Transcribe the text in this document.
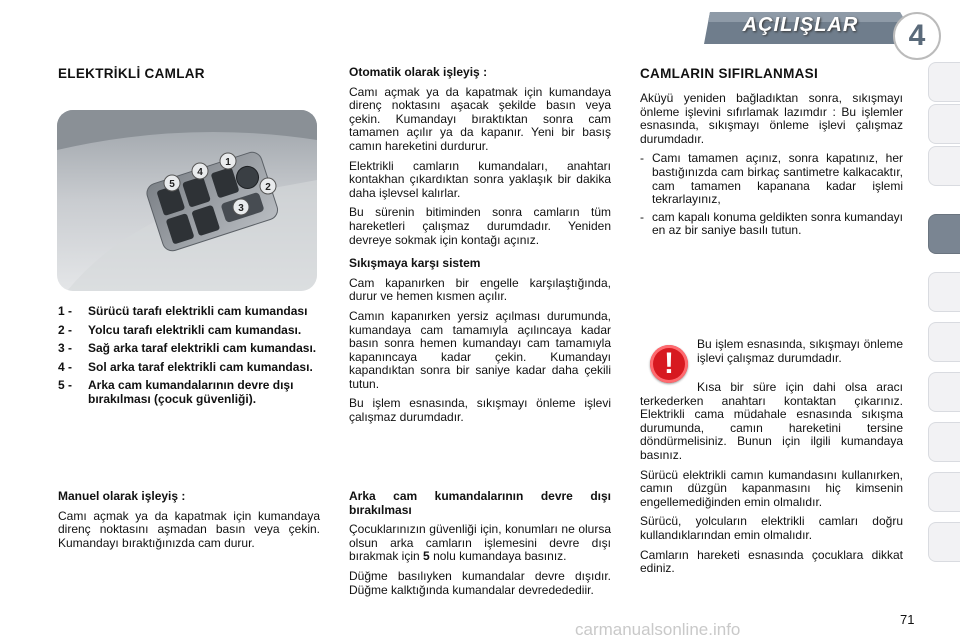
AÇILIŞLAR	4
ELEKTRİKLİ CAMLAR
1
2
3
4
5
1 -	Sürücü tarafı elektrikli cam kumandası
2 -	Yolcu tarafı elektrikli cam kumandası.
3 -	Sağ arka taraf elektrikli cam kumandası.
4 -	Sol arka taraf elektrikli cam kumandası.
5 -	Arka cam kumandalarının devre dışı bırakılması (çocuk güvenliği).

Manuel olarak işleyiş :

Camı açmak ya da kapatmak için kumandaya direnç noktasını aşmadan basın veya çekin. Kumandayı bıraktığınızda cam durur.

Otomatik olarak işleyiş :

Camı açmak ya da kapatmak için kumandaya direnç noktasını aşacak şekilde basın veya çekin. Kumandayı bıraktıktan sonra cam tamamen açılır ya da kapanır. Yeni bir basış camın hareketini durdurur.

Elektrikli camların kumandaları, anahtarı kontakhan çıkardıktan sonra yaklaşık bir dakika daha işlevsel kalırlar.

Bu sürenin bitiminden sonra camların tüm hareketleri çalışmaz durumdadır. Yeniden devreye sokmak için kontağı açınız.

Sıkışmaya karşı sistem

Cam kapanırken bir engelle karşılaştığında, durur ve hemen kısmen açılır.

Camın kapanırken yersiz açılması durumunda, kumandaya cam tamamıyla açılıncaya kadar basın sonra hemen kumandayı cam tamamıyla kapanıncaya kadar çekin. Kumandayı kapandıktan sonra bir saniye kadar daha çekili tutun.

Bu işlem esnasında, sıkışmayı önleme işlevi çalışmaz durumdadır.

Arka cam kumandalarının devre dışı bırakılması

Çocuklarınızın güvenliği için, konumları ne olursa olsun arka camların işlemesini devre dışı bırakmak için 5 nolu kumandaya basınız.

Düğme basılıyken kumandalar devre dışıdır. Düğme kalktığında kumandalar devrededediir.

CAMLARIN SIFIRLANMASI

Aküyü yeniden bağladıktan sonra, sıkışmayı önleme işlevini sıfırlamak lazımdır : Bu işlemler esnasında, sıkışmayı önleme işlevi çalışmaz durumdadır.

- Camı tamamen açınız, sonra kapatınız, her bastığınızda cam birkaç santimetre kalkacaktır, cam tamamen kapanana kadar işlemi tekrarlayınız,
- cam kapalı konuma geldikten sonra kumandayı en az bir saniye basılı tutun.
!

Bu işlem esnasında, sıkışmayı önleme işlevi çalışmaz durumdadır.

Kısa bir süre için dahi olsa aracı terkederken anahtarı kontaktan çıkarınız. Elektrikli cama müdahale esnasında sıkışma durumunda, camın hareketini tersine döndürmelisiniz. Bunun için ilgili kumandaya basınız.

Sürücü elektrikli camın kumandasını kullanırken, camın düzgün kapanmasını hiç kimsenin engellemediğinden emin olmalıdır.

Sürücü, yolcuların elektrikli camları doğru kullandıklarından emin olmalıdır.

Camların hareketi esnasında çocuklara dikkat ediniz.

carmanualsonline.info
71
